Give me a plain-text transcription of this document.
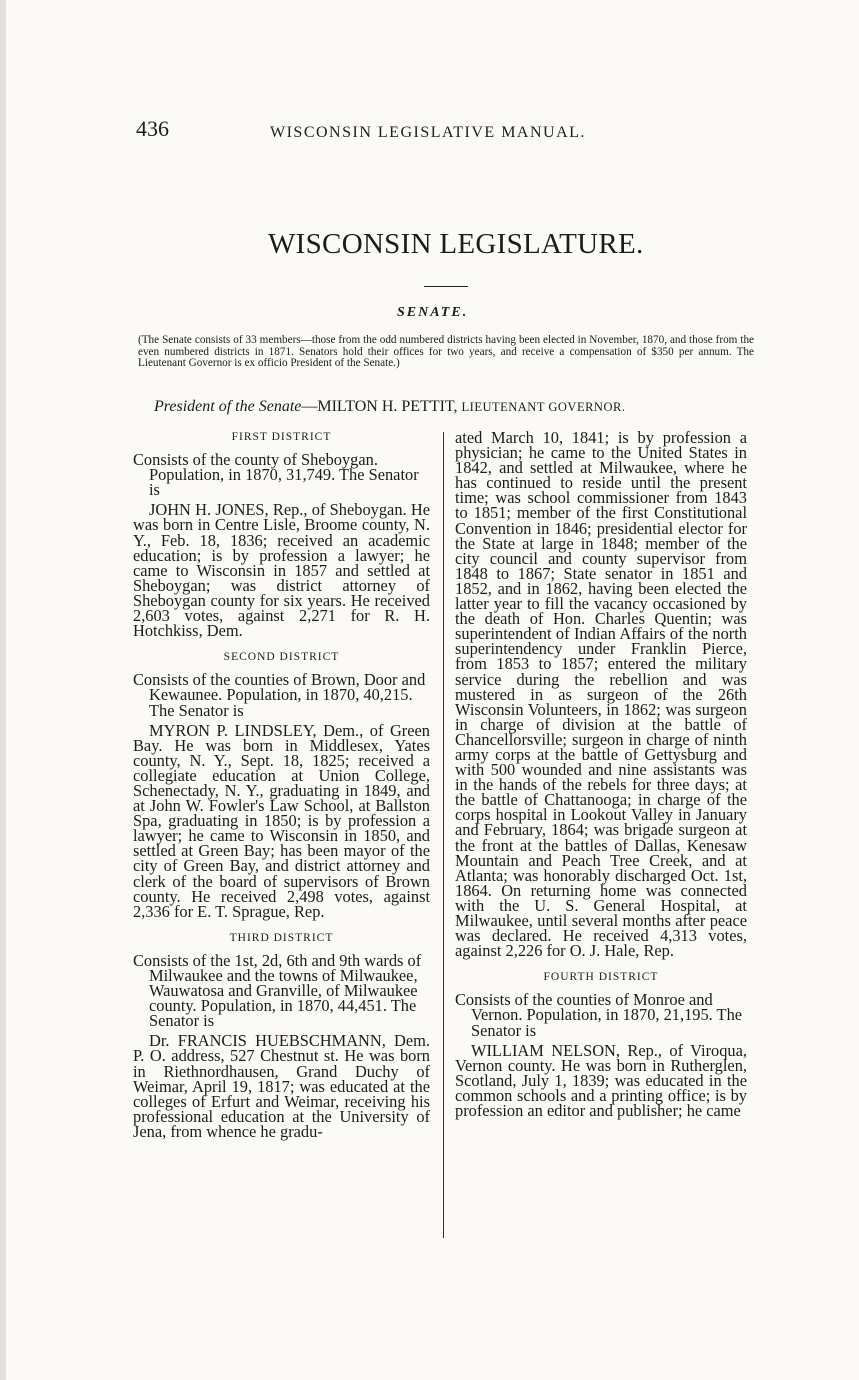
436	WISCONSIN LEGISLATIVE MANUAL.
WISCONSIN LEGISLATURE.
SENATE.

(The Senate consists of 33 members—those from the odd numbered districts having been elected in November, 1870, and those from the even numbered districts in 1871. Senators hold their offices for two years, and receive a compensation of $350 per annum. The Lieutenant Governor is ex officio President of the Senate.)

President of the Senate—MILTON H. PETTIT, LIEUTENANT GOVERNOR.
FIRST DISTRICT

Consists of the county of Sheboygan. Population, in 1870, 31,749. The Senator is

JOHN H. JONES, Rep., of Sheboygan. He was born in Centre Lisle, Broome county, N. Y., Feb. 18, 1836; received an academic education; is by profession a lawyer; he came to Wisconsin in 1857 and settled at Sheboygan; was district attorney of Sheboygan county for six years. He received 2,603 votes, against 2,271 for R. H. Hotchkiss, Dem.

SECOND DISTRICT

Consists of the counties of Brown, Door and Kewaunee. Population, in 1870, 40,215. The Senator is

MYRON P. LINDSLEY, Dem., of Green Bay. He was born in Middlesex, Yates county, N. Y., Sept. 18, 1825; received a collegiate education at Union College, Schenectady, N. Y., graduating in 1849, and at John W. Fowler's Law School, at Ballston Spa, graduating in 1850; is by profession a lawyer; he came to Wisconsin in 1850, and settled at Green Bay; has been mayor of the city of Green Bay, and district attorney and clerk of the board of supervisors of Brown county. He received 2,498 votes, against 2,336 for E. T. Sprague, Rep.

THIRD DISTRICT

Consists of the 1st, 2d, 6th and 9th wards of Milwaukee and the towns of Milwaukee, Wauwatosa and Granville, of Milwaukee county. Population, in 1870, 44,451. The Senator is

Dr. FRANCIS HUEBSCHMANN, Dem. P. O. address, 527 Chestnut st. He was born in Riethnordhausen, Grand Duchy of Weimar, April 19, 1817; was educated at the colleges of Erfurt and Weimar, receiving his professional education at the University of Jena, from whence he gradu-

ated March 10, 1841; is by profession a physician; he came to the United States in 1842, and settled at Milwaukee, where he has continued to reside until the present time; was school commissioner from 1843 to 1851; member of the first Constitutional Convention in 1846; presidential elector for the State at large in 1848; member of the city council and county supervisor from 1848 to 1867; State senator in 1851 and 1852, and in 1862, having been elected the latter year to fill the vacancy occasioned by the death of Hon. Charles Quentin; was superintendent of Indian Affairs of the north superintendency under Franklin Pierce, from 1853 to 1857; entered the military service during the rebellion and was mustered in as surgeon of the 26th Wisconsin Volunteers, in 1862; was surgeon in charge of division at the battle of Chancellorsville; surgeon in charge of ninth army corps at the battle of Gettysburg and with 500 wounded and nine assistants was in the hands of the rebels for three days; at the battle of Chattanooga; in charge of the corps hospital in Lookout Valley in January and February, 1864; was brigade surgeon at the front at the battles of Dallas, Kenesaw Mountain and Peach Tree Creek, and at Atlanta; was honorably discharged Oct. 1st, 1864. On returning home was connected with the U. S. General Hospital, at Milwaukee, until several months after peace was declared. He received 4,313 votes, against 2,226 for O. J. Hale, Rep.

FOURTH DISTRICT

Consists of the counties of Monroe and Vernon. Population, in 1870, 21,195. The Senator is

WILLIAM NELSON, Rep., of Viroqua, Vernon county. He was born in Rutherglen, Scotland, July 1, 1839; was educated in the common schools and a printing office; is by profession an editor and publisher; he came
